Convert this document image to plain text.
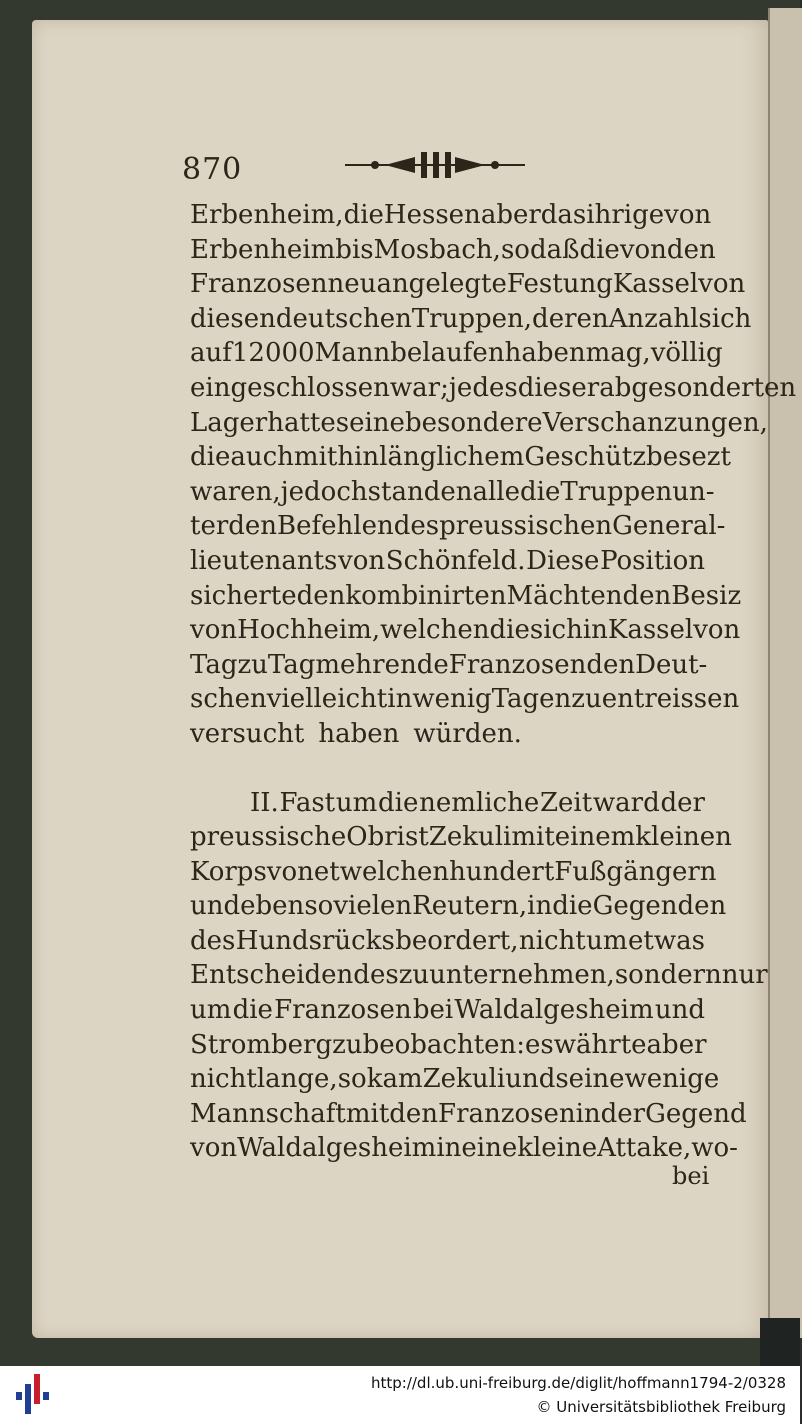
870
Erbenheim, die Hessen aber das ihrige von
Erbenheim bis Mosbach, so daß die von den
Franzosen neu angelegte Festung Kassel von
diesen deutschen Truppen, deren Anzahl sich
auf 12000 Mann belaufen haben mag, völlig
eingeschlossen war; jedes dieser abgesonderten
Lager hatte seine besondere Verschanzungen,
die auch mit hinlänglichem Geschütz besezt
waren, jedoch standen alle die Truppen un-
ter den Befehlen des preussischen General-
lieutenants von Schönfeld. Diese Position
sicherte den kombinirten Mächten den Besiz
von Hochheim, welchen die sich in Kassel von
Tag zu Tag mehrende Franzosen den Deut-
schen vielleicht in wenig Tagen zu entreissen
versucht haben würden.
II. Fast um die nemliche Zeit ward der
preussische Obrist Zekuli mit einem kleinen
Korps von etwelchen hundert Fußgängern
und eben so vielen Reutern, in die Gegenden
des Hundsrücks beordert, nicht um etwas
Entscheidendes zu unternehmen, sondern nur
um die Franzosen bei Waldalgesheim und
Stromberg zu beobachten: es währte aber
nicht lange, so kam Zekuli und seine wenige
Mannschaft mit den Franzosen in der Gegend
von Waldalgesheim in eine kleine Attake, wo-
bei
http://dl.ub.uni-freiburg.de/diglit/hoffmann1794-2/0328
© Universitätsbibliothek Freiburg
